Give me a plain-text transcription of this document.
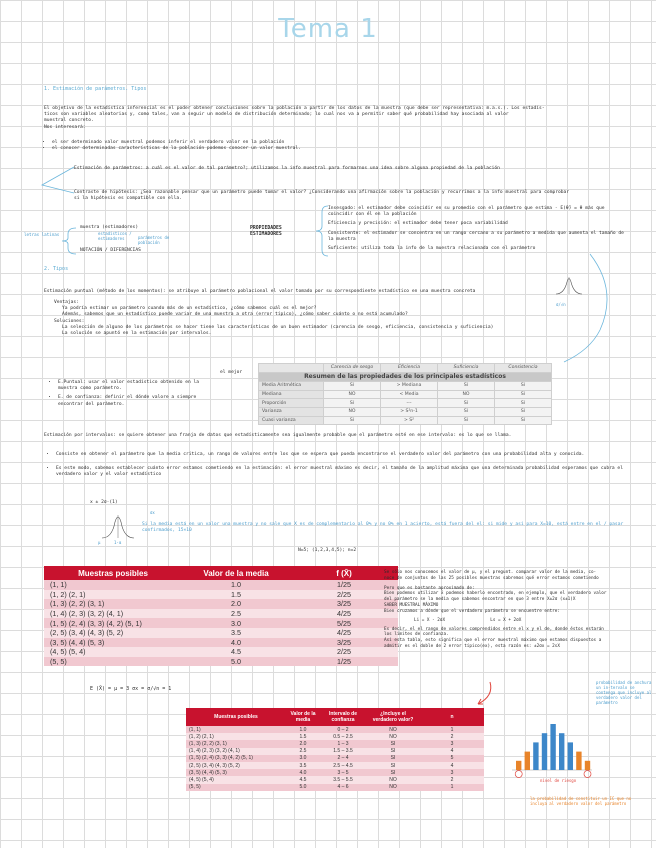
Tema 1
1. Estimación de parámetros. Tipos
El objetivo de la estadística inferencial es el poder obtener conclusiones sobre la población a partir de los datos de la muestra (que debe ser representativa: m.a.s.). Los estadís-
ticos son variables aleatorias y, como tales, van a seguir un modelo de distribución determinado; lo cual nos va a permitir saber qué probabilidad hay asociada al valor
muestral concreto.
Nos interesará:
• el ser determinado valor muestral podemos inferir el verdadero valor en la población
• el conocer determinadas características de la población podemos conocer un valor muestral.
Estimación de parámetros: a cuál es el valor de tal parámetro?; utilizamos la info muestral para formarnos una idea sobre alguna propiedad de la población
Contraste de hipótesis: ¿Sea razonable pensar que un parámetro puede tomar el valor? ¿Considerando una afirmación sobre la población y recurrimos a la info muestral para comprobar
si la hipótesis es compatible con ella.
letras latinas
muestra (estimadores)
estadísticos / estimadores	parámetros de población
NOTACIÓN / DIFERENCIAS
PROPIEDADES ESTIMADORES
Insesgado: el estimador debe coincidir en su promedio con el parámetro que estima · E(θ̂) = θ más que coincidir con él en la población
Eficiencia y precisión: el estimador debe tener poca variabilidad
Consistente: el estimador se concentra en un rango cercano a su parámetro a medida que aumenta el tamaño de la muestra
Suficiente: utiliza toda la info de la muestra relacionada con el parámetro
2. Tipos
Estimación puntual (método de los momentos): se atribuye al parámetro poblacional el valor tomado por su correspondiente estadístico en una muestra concreta
Ventajas:
Ya podría estimar un parámetro cuando más de un estadístico, ¿cómo sabemos cuál es el mejor?
Además, sabemos que un estadístico puede variar de una muestra a otra (error típico), ¿cómo saber cuánto o no está acumulado?
Soluciones:
La selección de alguno de los parámetros se hacer tiene las características de un buen estimador (carencia de sesgo, eficiencia, consistencia y suficiencia)
La solución se apuntó en la estimación por intervalos.
σ/√n
el mejor
• E.Puntual: usar el valor estadístico obtenido en la muestra como parámetro.
• E. de confianza: definir el dónde valore a siempre encontrar del parámetro.
Resumen de las propiedades de los principales estadísticos				
	Carencia de sesgo	Eficiencia	Suficiencia	Consistencia
Media Aritmética	Sí	> Mediana	Sí	Sí
Mediana	NO	< Media	NO	Sí
Proporción	Sí	---	Sí	Sí
Varianza	NO	> S²n-1	Sí	Sí
Cuasi varianza	Sí	> S²	Sí	Sí
Estimación por intervalos: se quiere obtener una franja de datos que estadísticamente sea igualmente probable que el parámetro esté en ese intervalo: es lo que se llama.
• Consiste en obtener el parámetro que la media critica, un rango de valores entre los que se espera que pueda encontrarse el verdadero valor del parámetro con una probabilidad alta y conocida.
• Es este modo, sabemos establecer cuánto error estamos cometiendo en la estimación: el error muestral máximo es decir, el tamaño de la amplitud máxima que una determinada probabilidad esperamos que cubra el verdadero valor y el valor estadístico
x ± 2σ·(1)
μ	1-α
σx
Si la media está en un valor una muestra y no sale que X es de complementario al 0% y no 0% en 1 acierto, está fuera del el: si mide y así para X=10, está entre en el / pasar confirmados, 15×10
N=5; (1,2,3,4,5); n=2
Muestras posibles	Valor de la media	f (X̄)
(1, 1)	1.0	1/25
(1, 2) (2, 1)	1.5	2/25
(1, 3) (2, 2) (3, 1)	2.0	3/25
(1, 4) (2, 3) (3, 2) (4, 1)	2.5	4/25
(1, 5) (2, 4) (3, 3) (4, 2) (5, 1)	3.0	5/25
(2, 5) (3, 4) (4, 3) (5, 2)	3.5	4/25
(3, 5) (4, 4) (5, 3)	4.0	3/25
(4, 5) (5, 4)	4.5	2/25
(5, 5)	5.0	1/25
Se sólo nos conocemos el valor de μ, y el pregunt. comparar valor de la media, co-
noce de conjuntos de las 25 posibles muestras sabremos qué error estamos cometiendo
Pero que es bastante aproximado de:
Bien podemos utilizar x̄ podemos haberlo encontrado, en ejemplo, que el verdadero valor
del parámetro se la media que sabemos encontrar en que 3 entre X±2σ (x±1)X
SABER MUESTRAL MÁXIMO
Bien cruzamos a dónde que el verdadero parámetro se encuentre entre:
Li = X - 2σX	Ls = X + 2σX
Es decir, el el rango de valores comprendidos entre el x y el de, donde éstos estarán
los límites de confianza.
Así esta tabla, esto significa que el error muestral máximo que estamos dispuestos a
admitir es el doble de 2 error típico(ex), esta razón es: ±2σx = 2sX
E (X̄) = μ = 3 σx = σ/√n = 1
Muestras posibles	Valor de la media	Intervalo de confianza	¿Incluye el verdadero valor?	n
(1, 1)	1.0	0 – 2	NO	1
(1, 2) (2, 1)	1.5	0.5 – 2.5	NO	2
(1, 3) (2, 2) (3, 1)	2.0	1 – 3	SI	3
(1, 4) (2, 3) (3, 2) (4, 1)	2.5	1.5 – 3.5	SI	4
(1, 5) (2, 4) (3, 3) (4, 2) (5, 1)	3.0	2 – 4	SI	5
(2, 5) (3, 4) (4, 3) (5, 2)	3.5	2.5 – 4.5	SI	4
(3, 5) (4, 4) (5, 3)	4.0	3 – 5	SI	3
(4, 5) (5, 4)	4.5	3.5 – 5.5	NO	2
(5, 5)	5.0	4 – 6	NO	1
probabilidad de anchura un in-tervalo se contenga que incluye al verdadero valor del parámetro
nivel de riesgo
la probabilidad de constituir un IC que no incluya al verdadero valor del parámetro
